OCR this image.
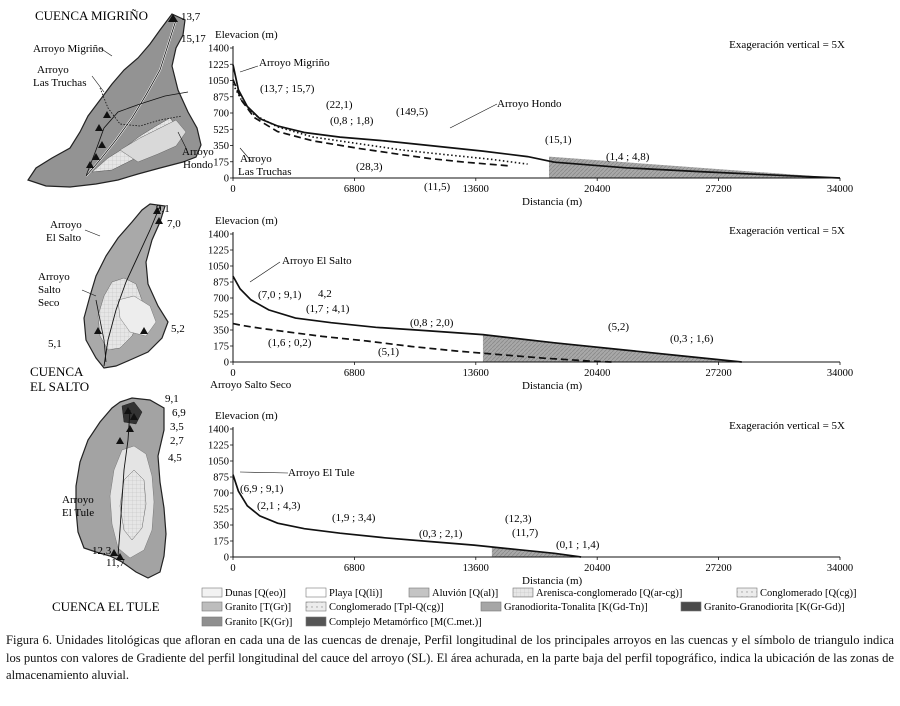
CUENCA MIGRIÑO	13,7
15,17
Arroyo Migriño
Arroyo
Las Truchas
Arroyo
Hondo
9,1
7,0
Arroyo
El Salto
Arroyo
Salto
Seco
5,2
5,1
CUENCA
EL SALTO
9,1
6,9
3,5
2,7
4,5
Arroyo
El Tule
12,3
11,7
CUENCA EL TULE
0
175
350
525
700
875
1050
1225
1400
0	6800	13600	20400	27200	34000
Elevacion (m)
Distancia (m)
Exageración vertical = 5X
(13,7 ; 15,7)
(22,1)
(149,5)
(0,8 ; 1,8)
(15,1)
(1,4 ; 4,8)
(28,3)
(11,5)
Arroyo Migriño
Arroyo Hondo
Arroyo
Las Truchas
0
175
350
525
700
875
1050
1225
1400
0	6800	13600	20400	27200	34000
Elevacion (m)
Distancia (m)
Exageración vertical = 5X
(7,0 ; 9,1) 4,2
(1,7 ; 4,1)
(0,8 ; 2,0)	(5,2)
(0,3 ; 1,6)
(1,6 ; 0,2)
(5,1)
Arroyo El Salto
Arroyo Salto Seco
0
175
350
525
700
875
1050
1225
1400
0	6800	13600	20400	27200	34000
Elevacion (m)
Distancia (m)
Exageración vertical = 5X
(6,9 ; 9,1)
(2,1 ; 4,3)
(1,9 ; 3,4)
(0,3 ; 2,1)
(12,3)
(11,7)
(0,1 ; 1,4)
Arroyo El Tule
Dunas [Q(eo)]	Playa [Q(li)]	Aluvión [Q(al)]	Arenisca-conglomerado [Q(ar-cg)]	Conglomerado [Q(cg)]
Granito [T(Gr)]	Conglomerado [Tpl-Q(cg)]	Granodiorita-Tonalita [K(Gd-Tn)]	Granito-Granodiorita [K(Gr-Gd)]
Granito [K(Gr)]	Complejo Metamórfico [M(C.met.)]
Figura 6. Unidades litológicas que afloran en cada una de las cuencas de drenaje, Perfil longitudinal de los principales arroyos en las cuencas y el símbolo de triangulo indica los puntos con valores de Gradiente del perfil longitudinal del cauce del arroyo (SL). El área achurada, en la parte baja del perfil topográfico, indica la ubicación de las zonas de almacenamiento aluvial.
